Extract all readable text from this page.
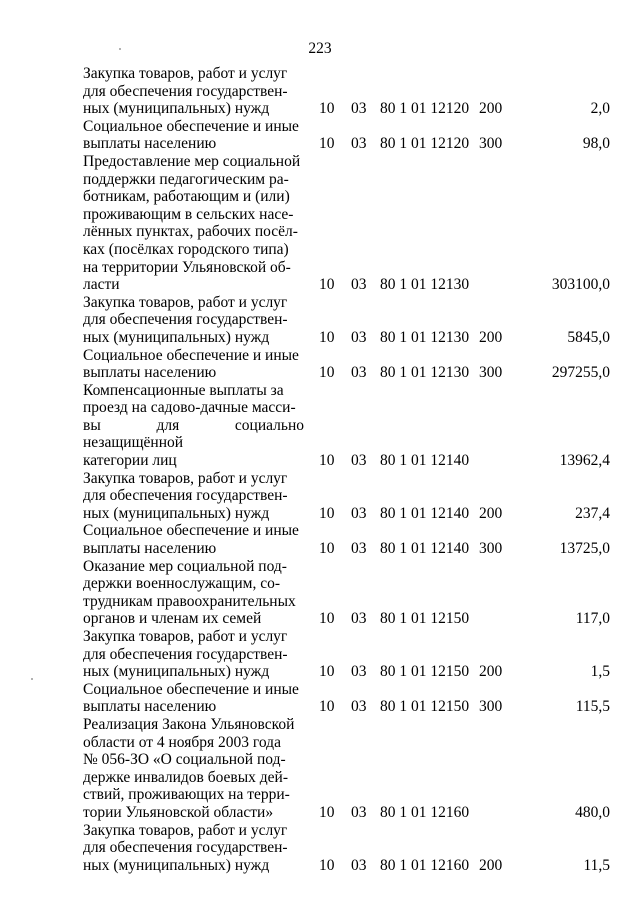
223
Закупка товаров, работ и услуг
для обеспечения государствен-
ных (муниципальных) нужд	10 03 80 1 01 12120 200	2,0
Социальное обеспечение и иные
выплаты населению	10 03 80 1 01 12120 300	98,0
Предоставление мер социальной
поддержки педагогическим ра-
ботникам, работающим и (или)
проживающим в сельских насе-
лённых пунктах, рабочих посёл-
ках (посёлках городского типа)
на территории Ульяновской об-
ласти	10 03 80 1 01 12130	303100,0
Закупка товаров, работ и услуг
для обеспечения государствен-
ных (муниципальных) нужд	10 03 80 1 01 12130 200	5845,0
Социальное обеспечение и иные
выплаты населению	10 03 80 1 01 12130 300	297255,0
Компенсационные выплаты за
проезд на садово-дачные масси-
вы для социально незащищённой
категории лиц	10 03 80 1 01 12140	13962,4
Закупка товаров, работ и услуг
для обеспечения государствен-
ных (муниципальных) нужд	10 03 80 1 01 12140 200	237,4
Социальное обеспечение и иные
выплаты населению	10 03 80 1 01 12140 300	13725,0
Оказание мер социальной под-
держки военнослужащим, со-
трудникам правоохранительных
органов и членам их семей	10 03 80 1 01 12150	117,0
Закупка товаров, работ и услуг
для обеспечения государствен-
ных (муниципальных) нужд	10 03 80 1 01 12150 200	1,5
Социальное обеспечение и иные
выплаты населению	10 03 80 1 01 12150 300	115,5
Реализация Закона Ульяновской
области от 4 ноября 2003 года
№ 056-ЗО «О социальной под-
держке инвалидов боевых дей-
ствий, проживающих на терри-
тории Ульяновской области»	10 03 80 1 01 12160	480,0
Закупка товаров, работ и услуг
для обеспечения государствен-
ных (муниципальных) нужд	10 03 80 1 01 12160 200	11,5
